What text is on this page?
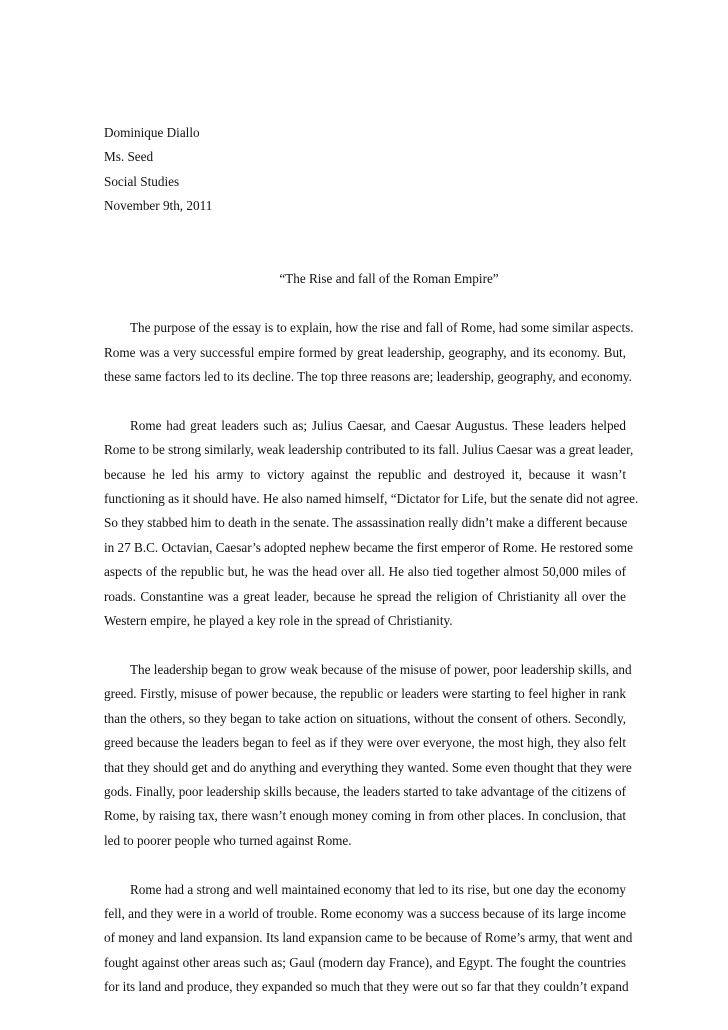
Dominique Diallo
Ms. Seed
Social Studies
November 9th, 2011
“The Rise and fall of the Roman Empire”
The purpose of the essay is to explain, how the rise and fall of Rome, had some similar aspects.
Rome was a very successful empire formed by great leadership, geography, and its economy. But,
these same factors led to its decline. The top three reasons are; leadership, geography, and economy.
Rome had great leaders such as; Julius Caesar, and Caesar Augustus. These leaders helped
Rome to be strong similarly, weak leadership contributed to its fall. Julius Caesar was a great leader,
because he led his army to victory against the republic and destroyed it, because it wasn’t
functioning as it should have. He also named himself, “Dictator for Life, but the senate did not agree.
So they stabbed him to death in the senate. The assassination really didn’t make a different because
in 27 B.C. Octavian, Caesar’s adopted nephew became the first emperor of Rome. He restored some
aspects of the republic but, he was the head over all. He also tied together almost 50,000 miles of
roads. Constantine was a great leader, because he spread the religion of Christianity all over the
Western empire, he played a key role in the spread of Christianity.
The leadership began to grow weak because of the misuse of power, poor leadership skills, and
greed. Firstly, misuse of power because, the republic or leaders were starting to feel higher in rank
than the others, so they began to take action on situations, without the consent of others. Secondly,
greed because the leaders began to feel as if they were over everyone, the most high, they also felt
that they should get and do anything and everything they wanted. Some even thought that they were
gods. Finally, poor leadership skills because, the leaders started to take advantage of the citizens of
Rome, by raising tax, there wasn’t enough money coming in from other places. In conclusion, that
led to poorer people who turned against Rome.
Rome had a strong and well maintained economy that led to its rise, but one day the economy
fell, and they were in a world of trouble. Rome economy was a success because of its large income
of money and land expansion. Its land expansion came to be because of Rome’s army, that went and
fought against other areas such as; Gaul (modern day France), and Egypt. The fought the countries
for its land and produce, they expanded so much that they were out so far that they couldn’t expand
